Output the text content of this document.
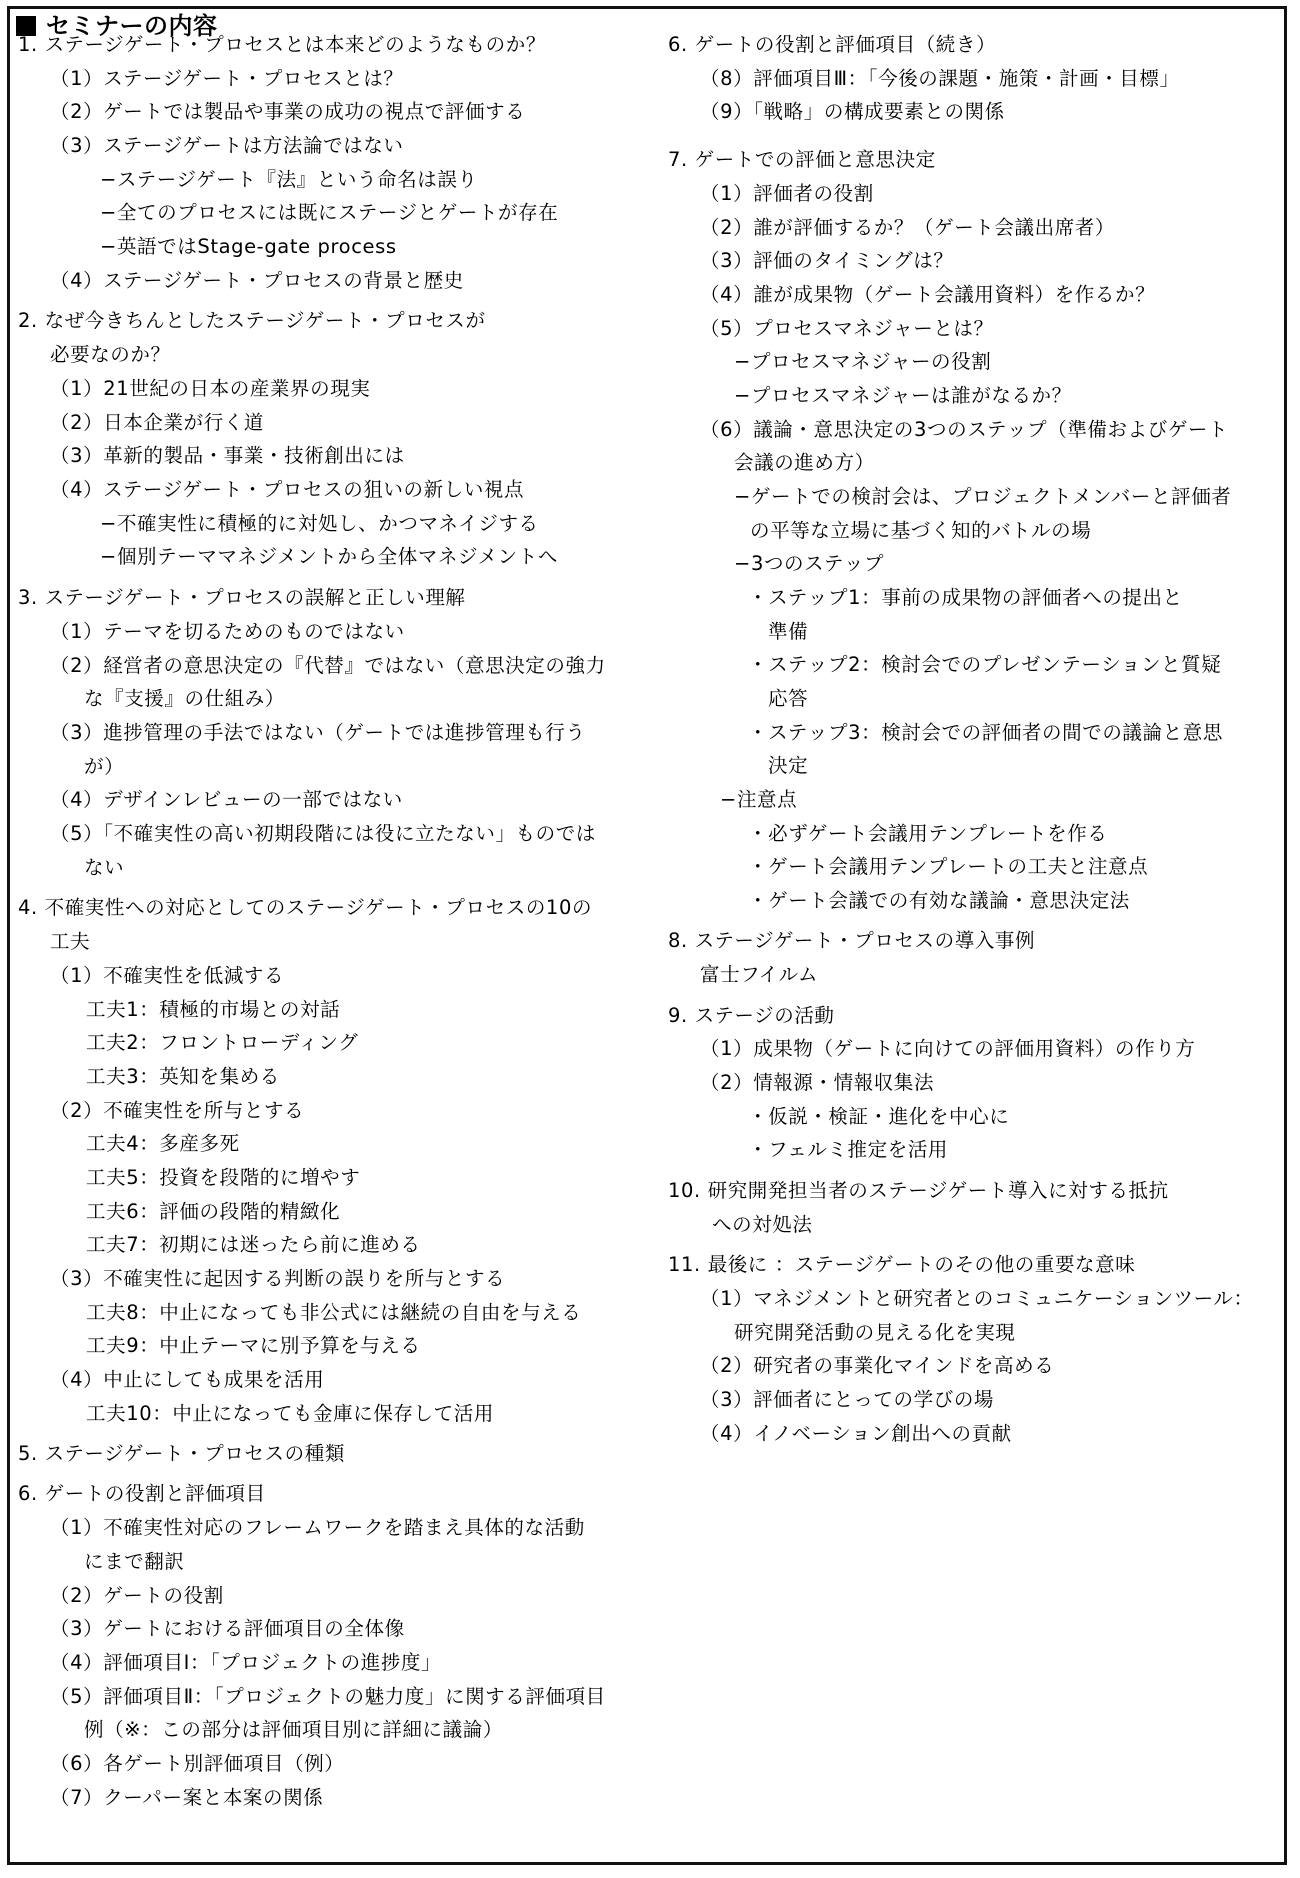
セミナーの内容
1. ステージゲート・プロセスとは本来どのようなものか？
（1）ステージゲート・プロセスとは？
（2）ゲートでは製品や事業の成功の視点で評価する
（3）ステージゲートは方法論ではない
−ステージゲート『法』という命名は誤り
−全てのプロセスには既にステージとゲートが存在
−英語ではStage-gate process
（4）ステージゲート・プロセスの背景と歴史
2. なぜ今きちんとしたステージゲート・プロセスが
必要なのか？
（1）21世紀の日本の産業界の現実
（2）日本企業が行く道
（3）革新的製品・事業・技術創出には
（4）ステージゲート・プロセスの狙いの新しい視点
−不確実性に積極的に対処し、かつマネイジする
−個別テーママネジメントから全体マネジメントへ
3. ステージゲート・プロセスの誤解と正しい理解
（1）テーマを切るためのものではない
（2）経営者の意思決定の『代替』ではない（意思決定の強力
な『支援』の仕組み）
（3）進捗管理の手法ではない（ゲートでは進捗管理も行う
が）
（4）デザインレビューの一部ではない
（5）「不確実性の高い初期段階には役に立たない」ものでは
ない
4. 不確実性への対応としてのステージゲート・プロセスの10の
工夫
（1）不確実性を低減する
工夫1：積極的市場との対話
工夫2：フロントローディング
工夫3：英知を集める
（2）不確実性を所与とする
工夫4：多産多死
工夫5：投資を段階的に増やす
工夫6：評価の段階的精緻化
工夫7：初期には迷ったら前に進める
（3）不確実性に起因する判断の誤りを所与とする
工夫8：中止になっても非公式には継続の自由を与える
工夫9：中止テーマに別予算を与える
（4）中止にしても成果を活用
工夫10：中止になっても金庫に保存して活用
5. ステージゲート・プロセスの種類
6. ゲートの役割と評価項目
（1）不確実性対応のフレームワークを踏まえ具体的な活動
にまで翻訳
（2）ゲートの役割
（3）ゲートにおける評価項目の全体像
（4）評価項目Ⅰ：「プロジェクトの進捗度」
（5）評価項目Ⅱ：「プロジェクトの魅力度」に関する評価項目
例（※：この部分は評価項目別に詳細に議論）
（6）各ゲート別評価項目（例）
（7）クーパー案と本案の関係
6. ゲートの役割と評価項目（続き）
（8）評価項目Ⅲ：「今後の課題・施策・計画・目標」
（9）「戦略」の構成要素との関係
7. ゲートでの評価と意思決定
（1）評価者の役割
（2）誰が評価するか？（ゲート会議出席者）
（3）評価のタイミングは？
（4）誰が成果物（ゲート会議用資料）を作るか？
（5）プロセスマネジャーとは？
−プロセスマネジャーの役割
−プロセスマネジャーは誰がなるか？
（6）議論・意思決定の3つのステップ（準備およびゲート
会議の進め方）
−ゲートでの検討会は、プロジェクトメンバーと評価者
の平等な立場に基づく知的バトルの場
−3つのステップ
・ステップ1：事前の成果物の評価者への提出と
準備
・ステップ2：検討会でのプレゼンテーションと質疑
応答
・ステップ3：検討会での評価者の間での議論と意思
決定
−注意点
・必ずゲート会議用テンプレートを作る
・ゲート会議用テンプレートの工夫と注意点
・ゲート会議での有効な議論・意思決定法
8. ステージゲート・プロセスの導入事例
富士フイルム
9. ステージの活動
（1）成果物（ゲートに向けての評価用資料）の作り方
（2）情報源・情報収集法
・仮説・検証・進化を中心に
・フェルミ推定を活用
10. 研究開発担当者のステージゲート導入に対する抵抗
への対処法
11. 最後に ：ステージゲートのその他の重要な意味
（1）マネジメントと研究者とのコミュニケーションツール：
研究開発活動の見える化を実現
（2）研究者の事業化マインドを高める
（3）評価者にとっての学びの場
（4）イノベーション創出への貢献
